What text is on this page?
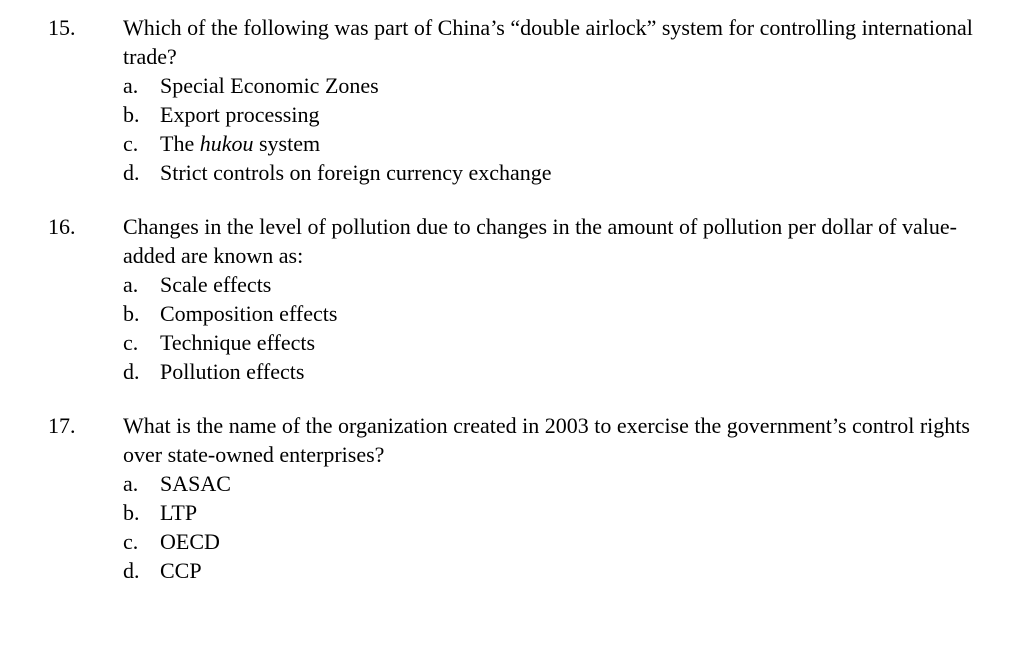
15. Which of the following was part of China’s “double airlock” system for controlling international trade?
a. Special Economic Zones
b. Export processing
c. The hukou system
d. Strict controls on foreign currency exchange
16. Changes in the level of pollution due to changes in the amount of pollution per dollar of value-added are known as:
a. Scale effects
b. Composition effects
c. Technique effects
d. Pollution effects
17. What is the name of the organization created in 2003 to exercise the government’s control rights over state-owned enterprises?
a. SASAC
b. LTP
c. OECD
d. CCP
